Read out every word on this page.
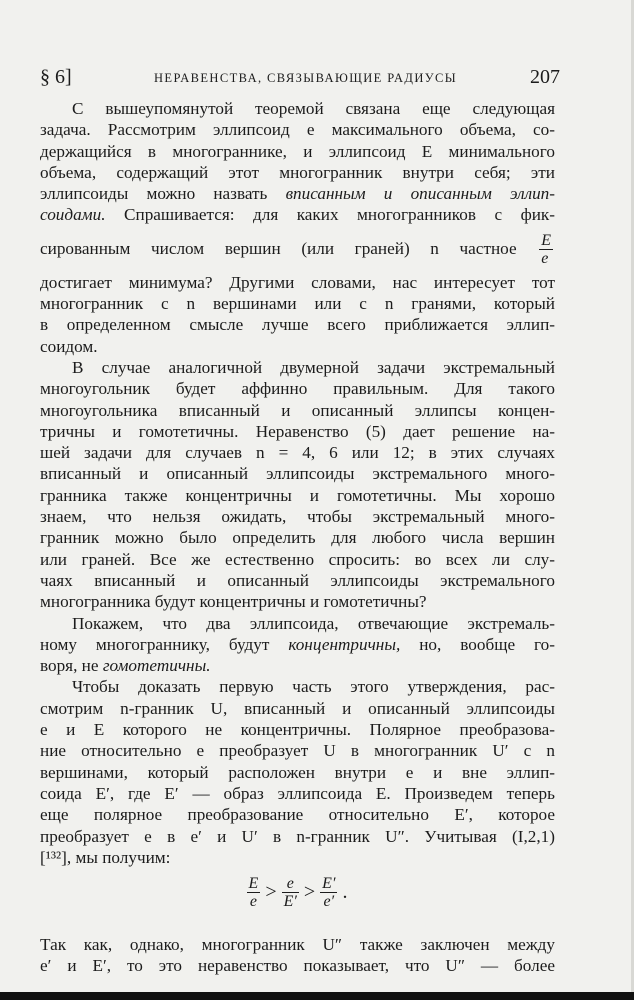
§ 6]	НЕРАВЕНСТВА, СВЯЗЫВАЮЩИЕ РАДИУСЫ	207
С вышеупомянутой теоремой связана еще следующая
задача. Рассмотрим эллипсоид e максимального объема, со-
держащийся в многограннике, и эллипсоид E минимального
объема, содержащий этот многогранник внутри себя; эти
эллипсоиды можно назвать вписанным и описанным эллип-
соидами. Спрашивается: для каких многогранников с фик-
сированным числом вершин (или граней) n частное $\frac{E}{e}$
достигает минимума? Другими словами, нас интересует тот
многогранник с n вершинами или с n гранями, который
в определенном смысле лучше всего приближается эллип-
соидом.
В случае аналогичной двумерной задачи экстремальный
многоугольник будет аффинно правильным. Для такого
многоугольника вписанный и описанный эллипсы концен-
тричны и гомотетичны. Неравенство (5) дает решение на-
шей задачи для случаев n = 4, 6 или 12; в этих случаях
вписанный и описанный эллипсоиды экстремального много-
гранника также концентричны и гомотетичны. Мы хорошо
знаем, что нельзя ожидать, чтобы экстремальный много-
гранник можно было определить для любого числа вершин
или граней. Все же естественно спросить: во всех ли слу-
чаях вписанный и описанный эллипсоиды экстремального
многогранника будут концентричны и гомотетичны?
Покажем, что два эллипсоида, отвечающие экстремаль-
ному многограннику, будут концентричны, но, вообще го-
воря, не гомотетичны.
Чтобы доказать первую часть этого утверждения, рас-
смотрим n-гранник U, вписанный и описанный эллипсоиды
e и E которого не концентричны. Полярное преобразова-
ние относительно e преобразует U в многогранник U′ с n
вершинами, который расположен внутри e и вне эллип-
соида E′, где E′ — образ эллипсоида E. Произведем теперь
еще полярное преобразование относительно E′, которое
преобразует e в e′ и U′ в n-гранник U″. Учитывая (I,2,1)
[¹³²], мы получим:
$\frac{E}{e} > \frac{e}{E'} > \frac{E'}{e'}$ .
Так как, однако, многогранник U″ также заключен между
e′ и E′, то это неравенство показывает, что U″ — более
